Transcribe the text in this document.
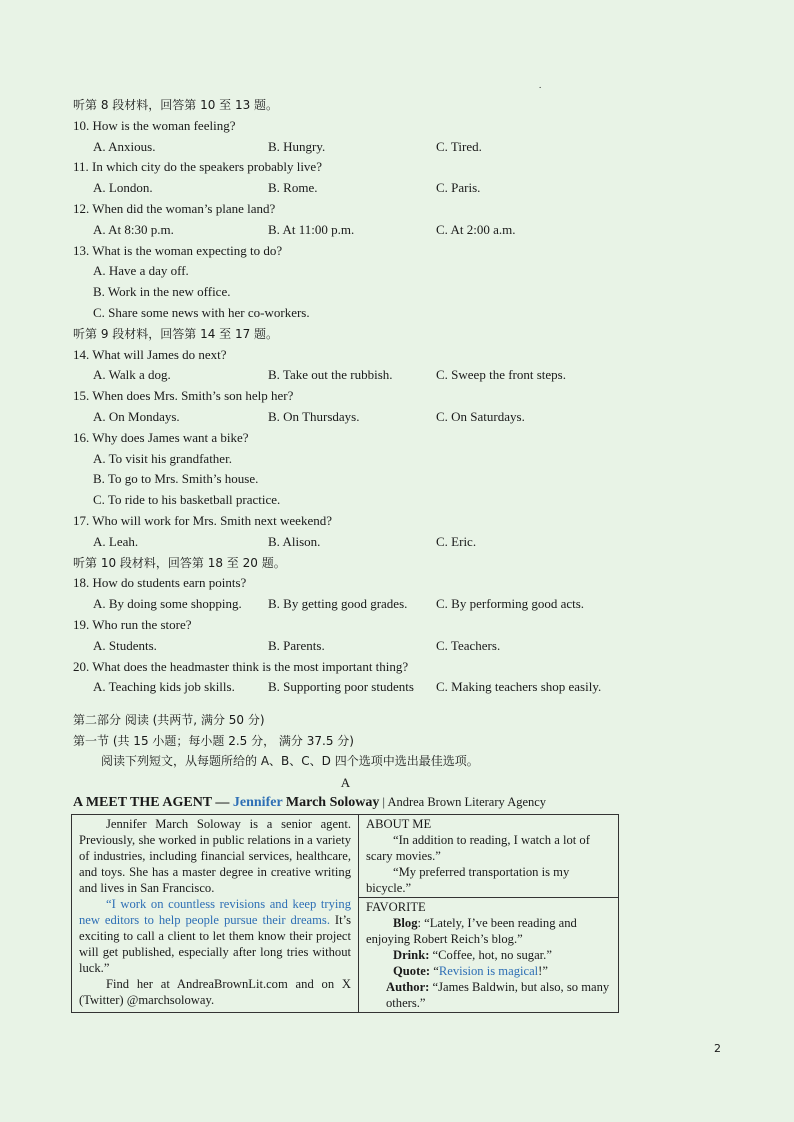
.
听第 8 段材料，回答第 10 至 13 题。
10. How is the woman feeling?
A. Anxious.	B. Hungry.	C. Tired.
11. In which city do the speakers probably live?
A. London.	B. Rome.	C. Paris.
12. When did the woman’s plane land?
A. At 8:30 p.m.	B. At 11:00 p.m.	C. At 2:00 a.m.
13. What is the woman expecting to do?
A. Have a day off.
B. Work in the new office.
C. Share some news with her co-workers.
听第 9 段材料，回答第 14 至 17 题。
14. What will James do next?
A. Walk a dog.	B. Take out the rubbish.	C. Sweep the front steps.
15. When does Mrs. Smith’s son help her?
A. On Mondays.	B. On Thursdays.	C. On Saturdays.
16. Why does James want a bike?
A. To visit his grandfather.
B. To go to Mrs. Smith’s house.
C. To ride to his basketball practice.
17. Who will work for Mrs. Smith next weekend?
A. Leah.	B. Alison.	C. Eric.
听第 10 段材料，回答第 18 至 20 题。
18. How do students earn points?
A. By doing some shopping. B. By getting good grades. C. By performing good acts.
19. Who run the store?
A. Students.	B. Parents.	C. Teachers.
20. What does the headmaster think is the most important thing?
A. Teaching kids job skills.	B. Supporting poor students C. Making teachers shop easily.
第二部分 阅读 (共两节, 满分 50 分)
第一节 (共 15 小题；每小题 2.5 分， 满分 37.5 分)
阅读下列短文，从每题所给的 A、B、C、D 四个选项中选出最佳选项。
A
A MEET THE AGENT — Jennifer March Soloway | Andrea Brown Literary Agency

Jennifer March Soloway is a senior agent. Previously, she worked in public relations in a variety of industries, including financial services, healthcare, and toys. She has a master degree in creative writing and lives in San Francisco.

“I work on countless revisions and keep trying new editors to help people pursue their dreams. It’s exciting to call a client to let them know their project will get published, especially after long tries without luck.”

Find her at AndreaBrownLit.com and on X (Twitter) @marchsoloway.

ABOUT ME

“In addition to reading, I watch a lot of scary movies.”

“My preferred transportation is my bicycle.”

FAVORITE

Blog: “Lately, I’ve been reading and enjoying Robert Reich’s blog.”

Drink: “Coffee, hot, no sugar.”

Quote: “Revision is magical!”

Author: “James Baldwin, but also, so many others.”

2
